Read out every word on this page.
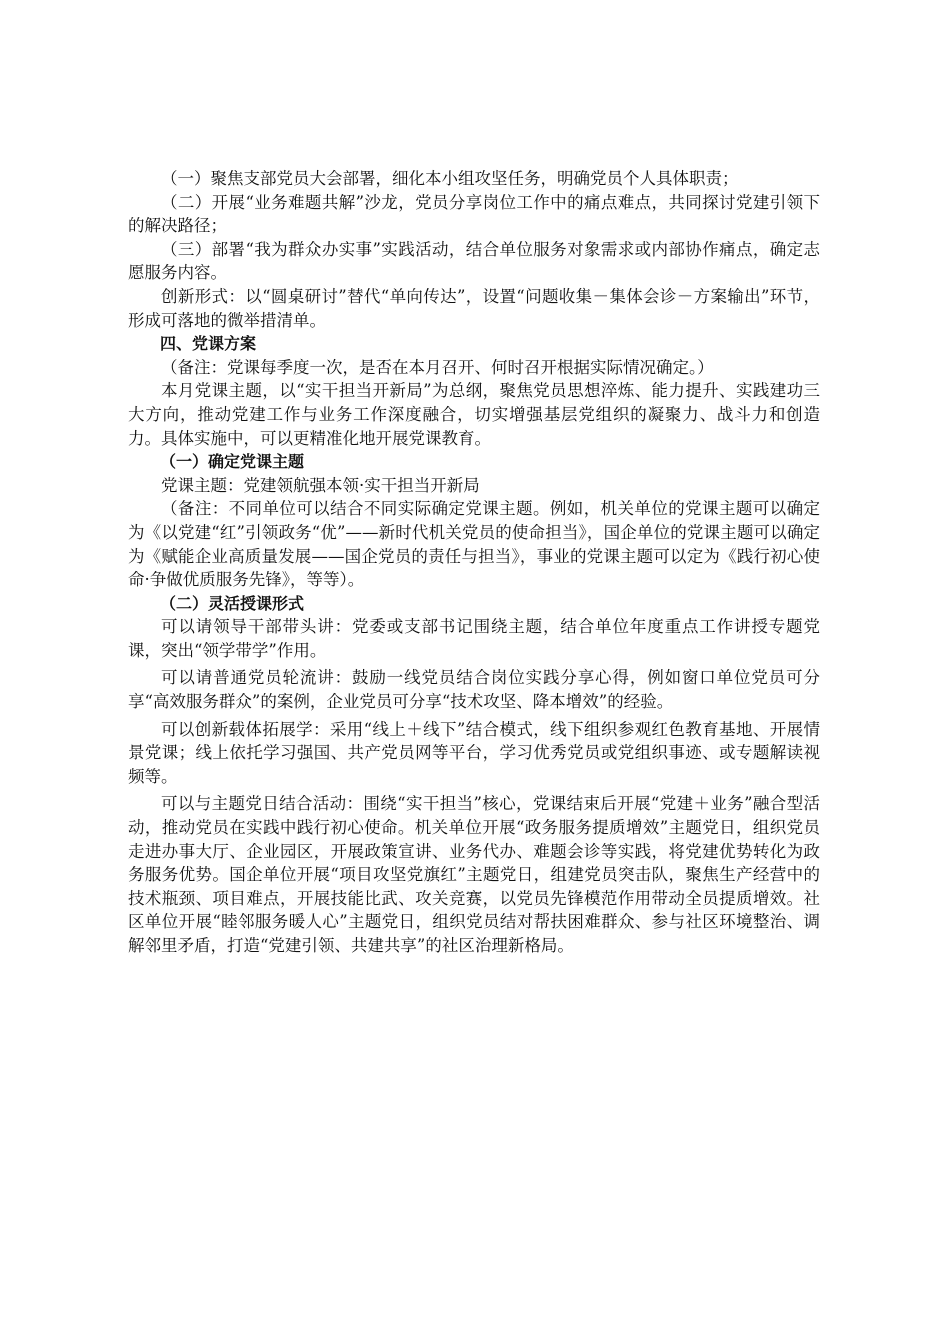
（一）聚焦支部党员大会部署，细化本小组攻坚任务，明确党员个人具体职责；

（二）开展“业务难题共解”沙龙，党员分享岗位工作中的痛点难点，共同探讨党建引领下的解决路径；

（三）部署“我为群众办实事”实践活动，结合单位服务对象需求或内部协作痛点，确定志愿服务内容。

创新形式：以“圆桌研讨”替代“单向传达”，设置“问题收集－集体会诊－方案输出”环节，形成可落地的微举措清单。

四、党课方案

（备注：党课每季度一次，是否在本月召开、何时召开根据实际情况确定。）

本月党课主题，以“实干担当开新局”为总纲，聚焦党员思想淬炼、能力提升、实践建功三大方向，推动党建工作与业务工作深度融合，切实增强基层党组织的凝聚力、战斗力和创造力。具体实施中，可以更精准化地开展党课教育。

（一）确定党课主题

党课主题：党建领航强本领·实干担当开新局

（备注：不同单位可以结合不同实际确定党课主题。例如，机关单位的党课主题可以确定为《以党建“红”引领政务“优”——新时代机关党员的使命担当》，国企单位的党课主题可以确定为《赋能企业高质量发展——国企党员的责任与担当》，事业的党课主题可以定为《践行初心使命·争做优质服务先锋》，等等）。

（二）灵活授课形式

可以请领导干部带头讲：党委或支部书记围绕主题，结合单位年度重点工作讲授专题党课，突出“领学带学”作用。

可以请普通党员轮流讲：鼓励一线党员结合岗位实践分享心得，例如窗口单位党员可分享“高效服务群众”的案例，企业党员可分享“技术攻坚、降本增效”的经验。

可以创新载体拓展学：采用“线上＋线下”结合模式，线下组织参观红色教育基地、开展情景党课；线上依托学习强国、共产党员网等平台，学习优秀党员或党组织事迹、或专题解读视频等。

可以与主题党日结合活动：围绕“实干担当”核心，党课结束后开展“党建＋业务”融合型活动，推动党员在实践中践行初心使命。机关单位开展“政务服务提质增效”主题党日，组织党员走进办事大厅、企业园区，开展政策宣讲、业务代办、难题会诊等实践，将党建优势转化为政务服务优势。国企单位开展“项目攻坚党旗红”主题党日，组建党员突击队，聚焦生产经营中的技术瓶颈、项目难点，开展技能比武、攻关竞赛，以党员先锋模范作用带动全员提质增效。社区单位开展“睦邻服务暖人心”主题党日，组织党员结对帮扶困难群众、参与社区环境整治、调解邻里矛盾，打造“党建引领、共建共享”的社区治理新格局。
